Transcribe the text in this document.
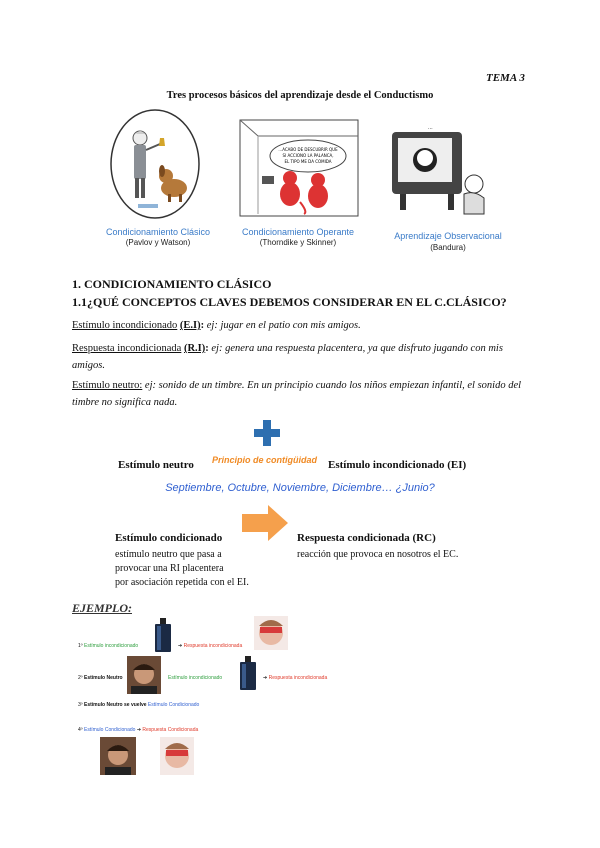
TEMA 3
Tres procesos básicos del aprendizaje desde el Conductismo
...ACABO DE DESCUBRIR QUE
SI ACCIONO LA PALANCA,
EL TIPO ME DA COMIDA
...
Condicionamiento Clásico
(Pavlov y Watson)
Condicionamiento Operante
(Thorndike y Skinner)
Aprendizaje Observacional
(Bandura)
1. CONDICIONAMIENTO CLÁSICO
1.1¿QUÉ CONCEPTOS CLAVES DEBEMOS CONSIDERAR EN EL C.CLÁSICO?
Estímulo incondicionado (E.I): ej: jugar en el patio con mis amigos.
Respuesta incondicionada (R.I): ej: genera una respuesta placentera, ya que disfruto jugando con mis amigos.
Estímulo neutro: ej: sonido de un timbre. En un principio cuando los niños empiezan infantil, el sonido del timbre no significa nada.
Estímulo neutro Principio de contigüidad Estímulo incondicionado (EI)
Septiembre, Octubre, Noviembre, Diciembre… ¿Junio?
Estímulo condicionado
estímulo neutro que pasa a
provocar una RI placentera
por asociación repetida con el EI.
Respuesta condicionada (RC)
reacción que provoca en nosotros el EC.
EJEMPLO:
1º Estímulo incondicionado	➔ Respuesta incondicionada
2º Estímulo Neutro	Estímulo incondicionado	➔ Respuesta incondicionada
3º Estímulo Neutro se vuelve Estímulo Condicionado
4º Estímulo Condicionado ➔ Respuesta Condicionada
